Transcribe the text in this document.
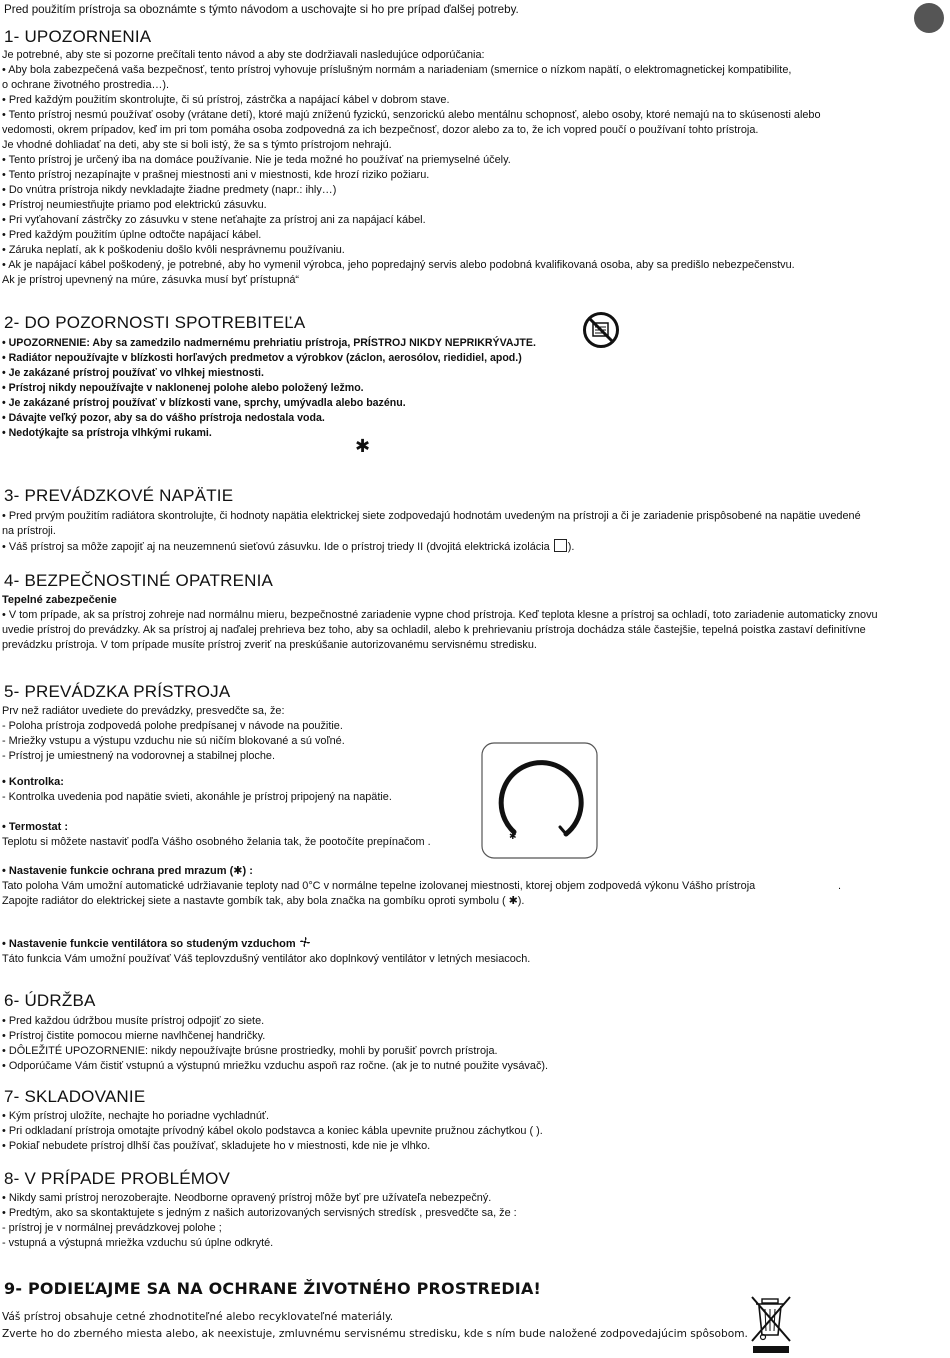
Pred použitím prístroja sa oboznámte s týmto návodom a uschovajte si ho pre prípad ďalšej potreby.
1- UPOZORNENIA
Je potrebné, aby ste si pozorne prečítali tento návod a aby ste dodržiavali nasledujúce odporúčania:
• Aby bola zabezpečená vaša bezpečnosť, tento prístroj vyhovuje príslušným normám a nariadeniam (smernice o nízkom napätí, o elektromagnetickej kompatibilite,
o ochrane životného prostredia…).
• Pred každým použitím skontrolujte, či sú prístroj, zástrčka a napájací kábel v dobrom stave.
• Tento prístroj nesmú používať osoby (vrátane detí), ktoré majú zníženú fyzickú, senzorickú alebo mentálnu schopnosť, alebo osoby, ktoré nemajú na to skúsenosti alebo
vedomosti, okrem prípadov, keď im pri tom pomáha osoba zodpovedná za ich bezpečnosť, dozor alebo za to, že ich vopred poučí o používaní tohto prístroja.
Je vhodné dohliadať na deti, aby ste si boli istý, že sa s týmto prístrojom nehrajú.
• Tento prístroj je určený iba na domáce používanie. Nie je teda možné ho používať na priemyselné účely.
• Tento prístroj nezapínajte v prašnej miestnosti ani v miestnosti, kde hrozí riziko požiaru.
• Do vnútra prístroja nikdy nevkladajte žiadne predmety (napr.: ihly…)
• Prístroj neumiestňujte priamo pod elektrickú zásuvku.
• Pri vyťahovaní zástrčky zo zásuvku v stene neťahajte za prístroj ani za napájací kábel.
• Pred každým použitím úplne odtočte napájací kábel.
• Záruka neplatí, ak k poškodeniu došlo kvôli nesprávnemu používaniu.
• Ak je napájací kábel poškodený, je potrebné, aby ho vymenil výrobca, jeho popredajný servis alebo podobná kvalifikovaná osoba, aby sa predišlo nebezpečenstvu.
Ak je prístroj upevnený na múre, zásuvka musí byť prístupná“
2- DO POZORNOSTI SPOTREBITEĽA
• UPOZORNENIE: Aby sa zamedzilo nadmernému prehriatiu prístroja, PRÍSTROJ NIKDY NEPRIKRÝVAJTE.
• Radiátor nepoužívajte v blízkosti horľavých predmetov a výrobkov (záclon, aerosólov, riedidiel, apod.)
• Je zakázané prístroj používať vo vlhkej miestnosti.
• Prístroj nikdy nepoužívajte v naklonenej polohe alebo položený ležmo.
• Je zakázané prístroj používať v blízkosti vane, sprchy, umývadla alebo bazénu.
• Dávajte veľký pozor, aby sa do vášho prístroja nedostala voda.
• Nedotýkajte sa prístroja vlhkými rukami.
✱
3- PREVÁDZKOVÉ NAPÄTIE
• Pred prvým použitím radiátora skontrolujte, či hodnoty napätia elektrickej siete zodpovedajú hodnotám uvedeným na prístroji a či je zariadenie prispôsobené na napätie uvedené
na prístroji.
• Váš prístroj sa môže zapojiť aj na neuzemnenú sieťovú zásuvku. Ide o prístroj triedy II (dvojitá elektrická izolácia ).
4- BEZPEČNOSTINÉ OPATRENIA
Tepelné zabezpečenie
• V tom prípade, ak sa prístroj zohreje nad normálnu mieru, bezpečnostné zariadenie vypne chod prístroja. Keď teplota klesne a prístroj sa ochladí, toto zariadenie automaticky znovu
uvedie prístroj do prevádzky. Ak sa prístroj aj naďalej prehrieva bez toho, aby sa ochladil, alebo k prehrievaniu prístroja dochádza stále častejšie, tepelná poistka zastaví definitívne
prevádzku prístroja. V tom prípade musíte prístroj zveriť na preskúšanie autorizovanému servisnému stredisku.
5- PREVÁDZKA PRÍSTROJA
Prv než radiátor uvediete do prevádzky, presvedčte sa, že:
- Poloha prístroja zodpovedá polohe predpísanej v návode na použitie.
- Mriežky vstupu a výstupu vzduchu nie sú ničím blokované a sú voľné.
- Prístroj je umiestnený na vodorovnej a stabilnej ploche.
• Kontrolka:
- Kontrolka uvedenia pod napätie svieti, akonáhle je prístroj pripojený na napätie.
• Termostat :
Teplotu si môžete nastaviť podľa Vášho osobného želania tak, že pootočíte prepínačom .
• Nastavenie funkcie ochrana pred mrazum (✱) :
Tato poloha Vám umožní automatické udržiavanie teploty nad 0°C v normálne tepelne izolovanej miestnosti, ktorej objem zodpovedá výkonu Vášho prístroja	.
Zapojte radiátor do elektrickej siete a nastavte gombík tak, aby bola značka na gombíku oproti symbolu ( ✱).
• Nastavenie funkcie ventilátora so studeným vzduchom
Táto funkcia Vám umožní používať Váš teplovzdušný ventilátor ako doplnkový ventilátor v letných mesiacoch.
✱
6- ÚDRŽBA
• Pred každou údržbou musíte prístroj odpojiť zo siete.
• Prístroj čistite pomocou mierne navlhčenej handričky.
• DÔLEŽITÉ UPOZORNENIE: nikdy nepoužívajte brúsne prostriedky, mohli by porušiť povrch prístroja.
• Odporúčame Vám čistiť vstupnú a výstupnú mriežku vzduchu aspoň raz ročne. (ak je to nutné použite vysávač).
7- SKLADOVANIE
• Kým prístroj uložíte, nechajte ho poriadne vychladnúť.
• Pri odkladaní prístroja omotajte prívodný kábel okolo podstavca a koniec kábla upevnite pružnou záchytkou ( ).
• Pokiaľ nebudete prístroj dlhší čas používať, skladujete ho v miestnosti, kde nie je vlhko.
8- V PRÍPADE PROBLÉMOV
• Nikdy sami prístroj nerozoberajte. Neodborne opravený prístroj môže byť pre užívateľa nebezpečný.
• Predtým, ako sa skontaktujete s jedným z našich autorizovaných servisných stredísk , presvedčte sa, že :
- prístroj je v normálnej prevádzkovej polohe ;
- vstupná a výstupná mriežka vzduchu sú úplne odkryté.
9- PODIEĽAJME SA NA OCHRANE ŽIVOTNÉHO PROSTREDIA!
Váš prístroj obsahuje cetné zhodnotiteľné alebo recyklovateľné materiály.
Zverte ho do zberného miesta alebo, ak neexistuje, zmluvnému servisnému stredisku, kde s ním bude naložené zodpovedajúcim spôsobom.
